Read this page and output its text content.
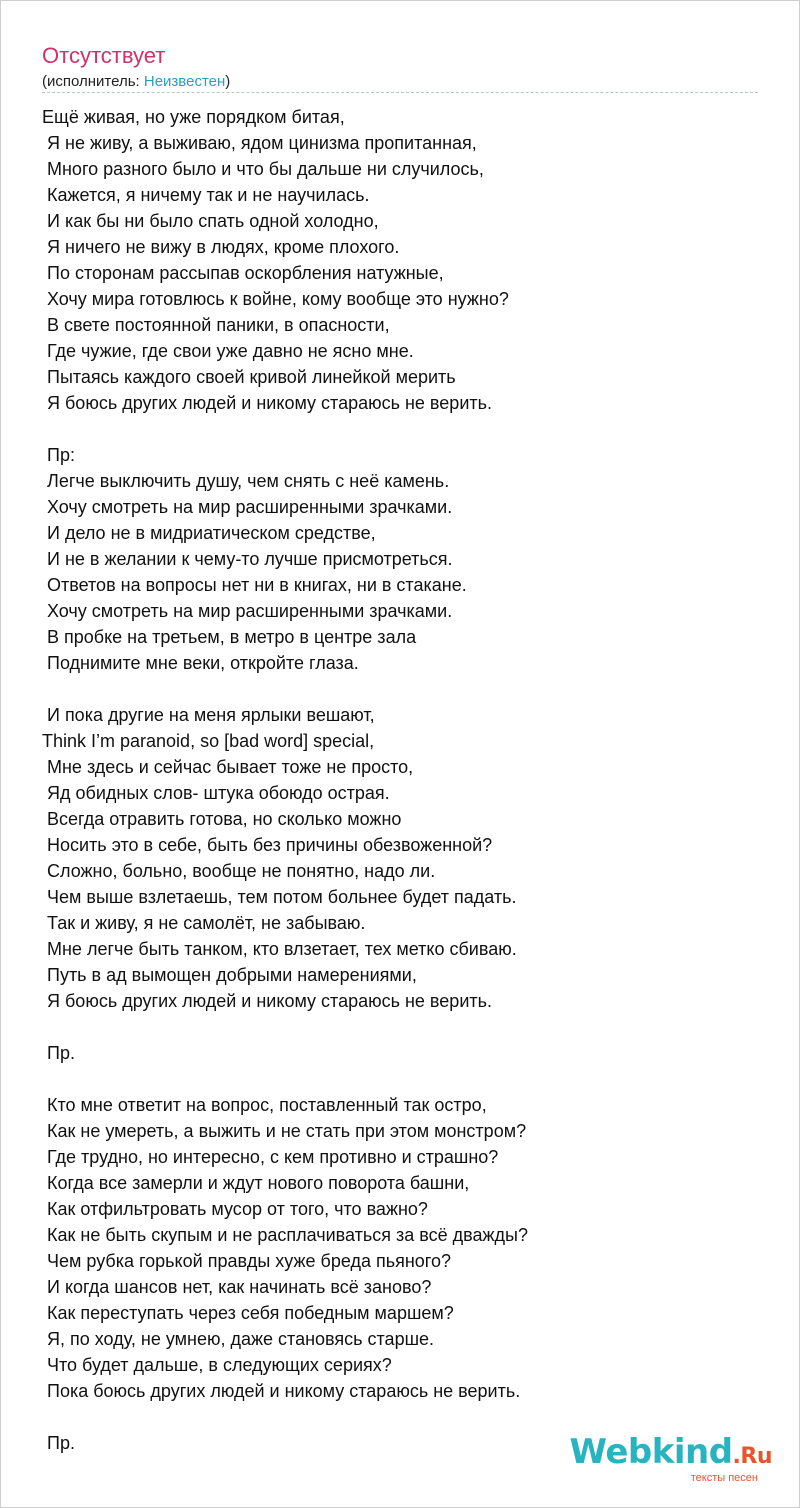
Отсутствует
(исполнитель: Неизвестен)
Ещё живая, но уже порядком битая,
Я не живу, а выживаю, ядом цинизма пропитанная,
Много разного было и что бы дальше ни случилось,
Кажется, я ничему так и не научилась.
И как бы ни было спать одной холодно,
Я ничего не вижу в людях, кроме плохого.
По сторонам рассыпав оскорбления натужные,
Хочу мира готовлюсь к войне, кому вообще это нужно?
В свете постоянной паники, в опасности,
Где чужие, где свои уже давно не ясно мне.
Пытаясь каждого своей кривой линейкой мерить
Я боюсь других людей и никому стараюсь не верить.
Пр:
Легче выключить душу, чем снять с неё камень.
Хочу смотреть на мир расширенными зрачками.
И дело не в мидриатическом средстве,
И не в желании к чему-то лучше присмотреться.
Ответов на вопросы нет ни в книгах, ни в стакане.
Хочу смотреть на мир расширенными зрачками.
В пробке на третьем, в метро в центре зала
Поднимите мне веки, откройте глаза.
И пока другие на меня ярлыки вешают,
Think I’m paranoid, so [bad word] special,
Мне здесь и сейчас бывает тоже не просто,
Яд обидных слов- штука обоюдо острая.
Всегда отравить готова, но сколько можно
Носить это в себе, быть без причины обезвоженной?
Сложно, больно, вообще не понятно, надо ли.
Чем выше взлетаешь, тем потом больнее будет падать.
Так и живу, я не самолёт, не забываю.
Мне легче быть танком, кто влзетает, тех метко сбиваю.
Путь в ад вымощен добрыми намерениями,
Я боюсь других людей и никому стараюсь не верить.
Пр.
Кто мне ответит на вопрос, поставленный так остро,
Как не умереть, а выжить и не стать при этом монстром?
Где трудно, но интересно, с кем противно и страшно?
Когда все замерли и ждут нового поворота башни,
Как отфильтровать мусор от того, что важно?
Как не быть скупым и не расплачиваться за всё дважды?
Чем рубка горькой правды хуже бреда пьяного?
И когда шансов нет, как начинать всё заново?
Как переступать через себя победным маршем?
Я, по ходу, не умнею, даже становясь старше.
Что будет дальше, в следующих сериях?
Пока боюсь других людей и никому стараюсь не верить.
Пр.	Webkind.Ru
тексты песен
